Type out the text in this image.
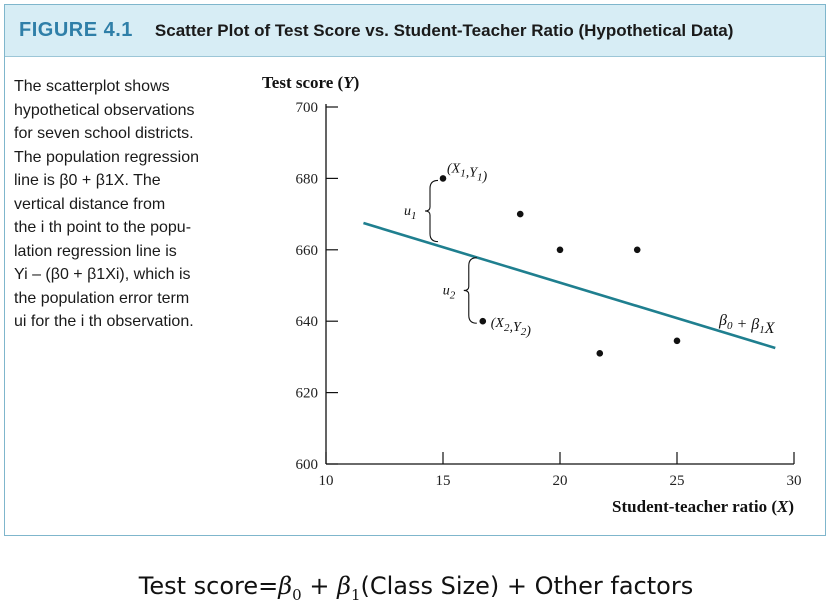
FIGURE 4.1 Scatter Plot of Test Score vs. Student-Teacher Ratio (Hypothetical Data)
The scatterplot shows
hypothetical observations
for seven school districts.
The population regression
line is β0 + β1X. The
vertical distance from
the i th point to the popu-
lation regression line is
Yi – (β0 + β1Xi), which is
the population error term
ui for the i th observation.
600
620
640
660
680
700
10	15	20	25	30
Test score (Y)
Student-teacher ratio (X)
$\beta_0 + \beta_1X$
$(X_1,Y_1)$
$(X_2,Y_2)$
$u_1$
$u_2$
Test $score=\beta_0$ + $\beta_1(Class$ Size) + Other factors
